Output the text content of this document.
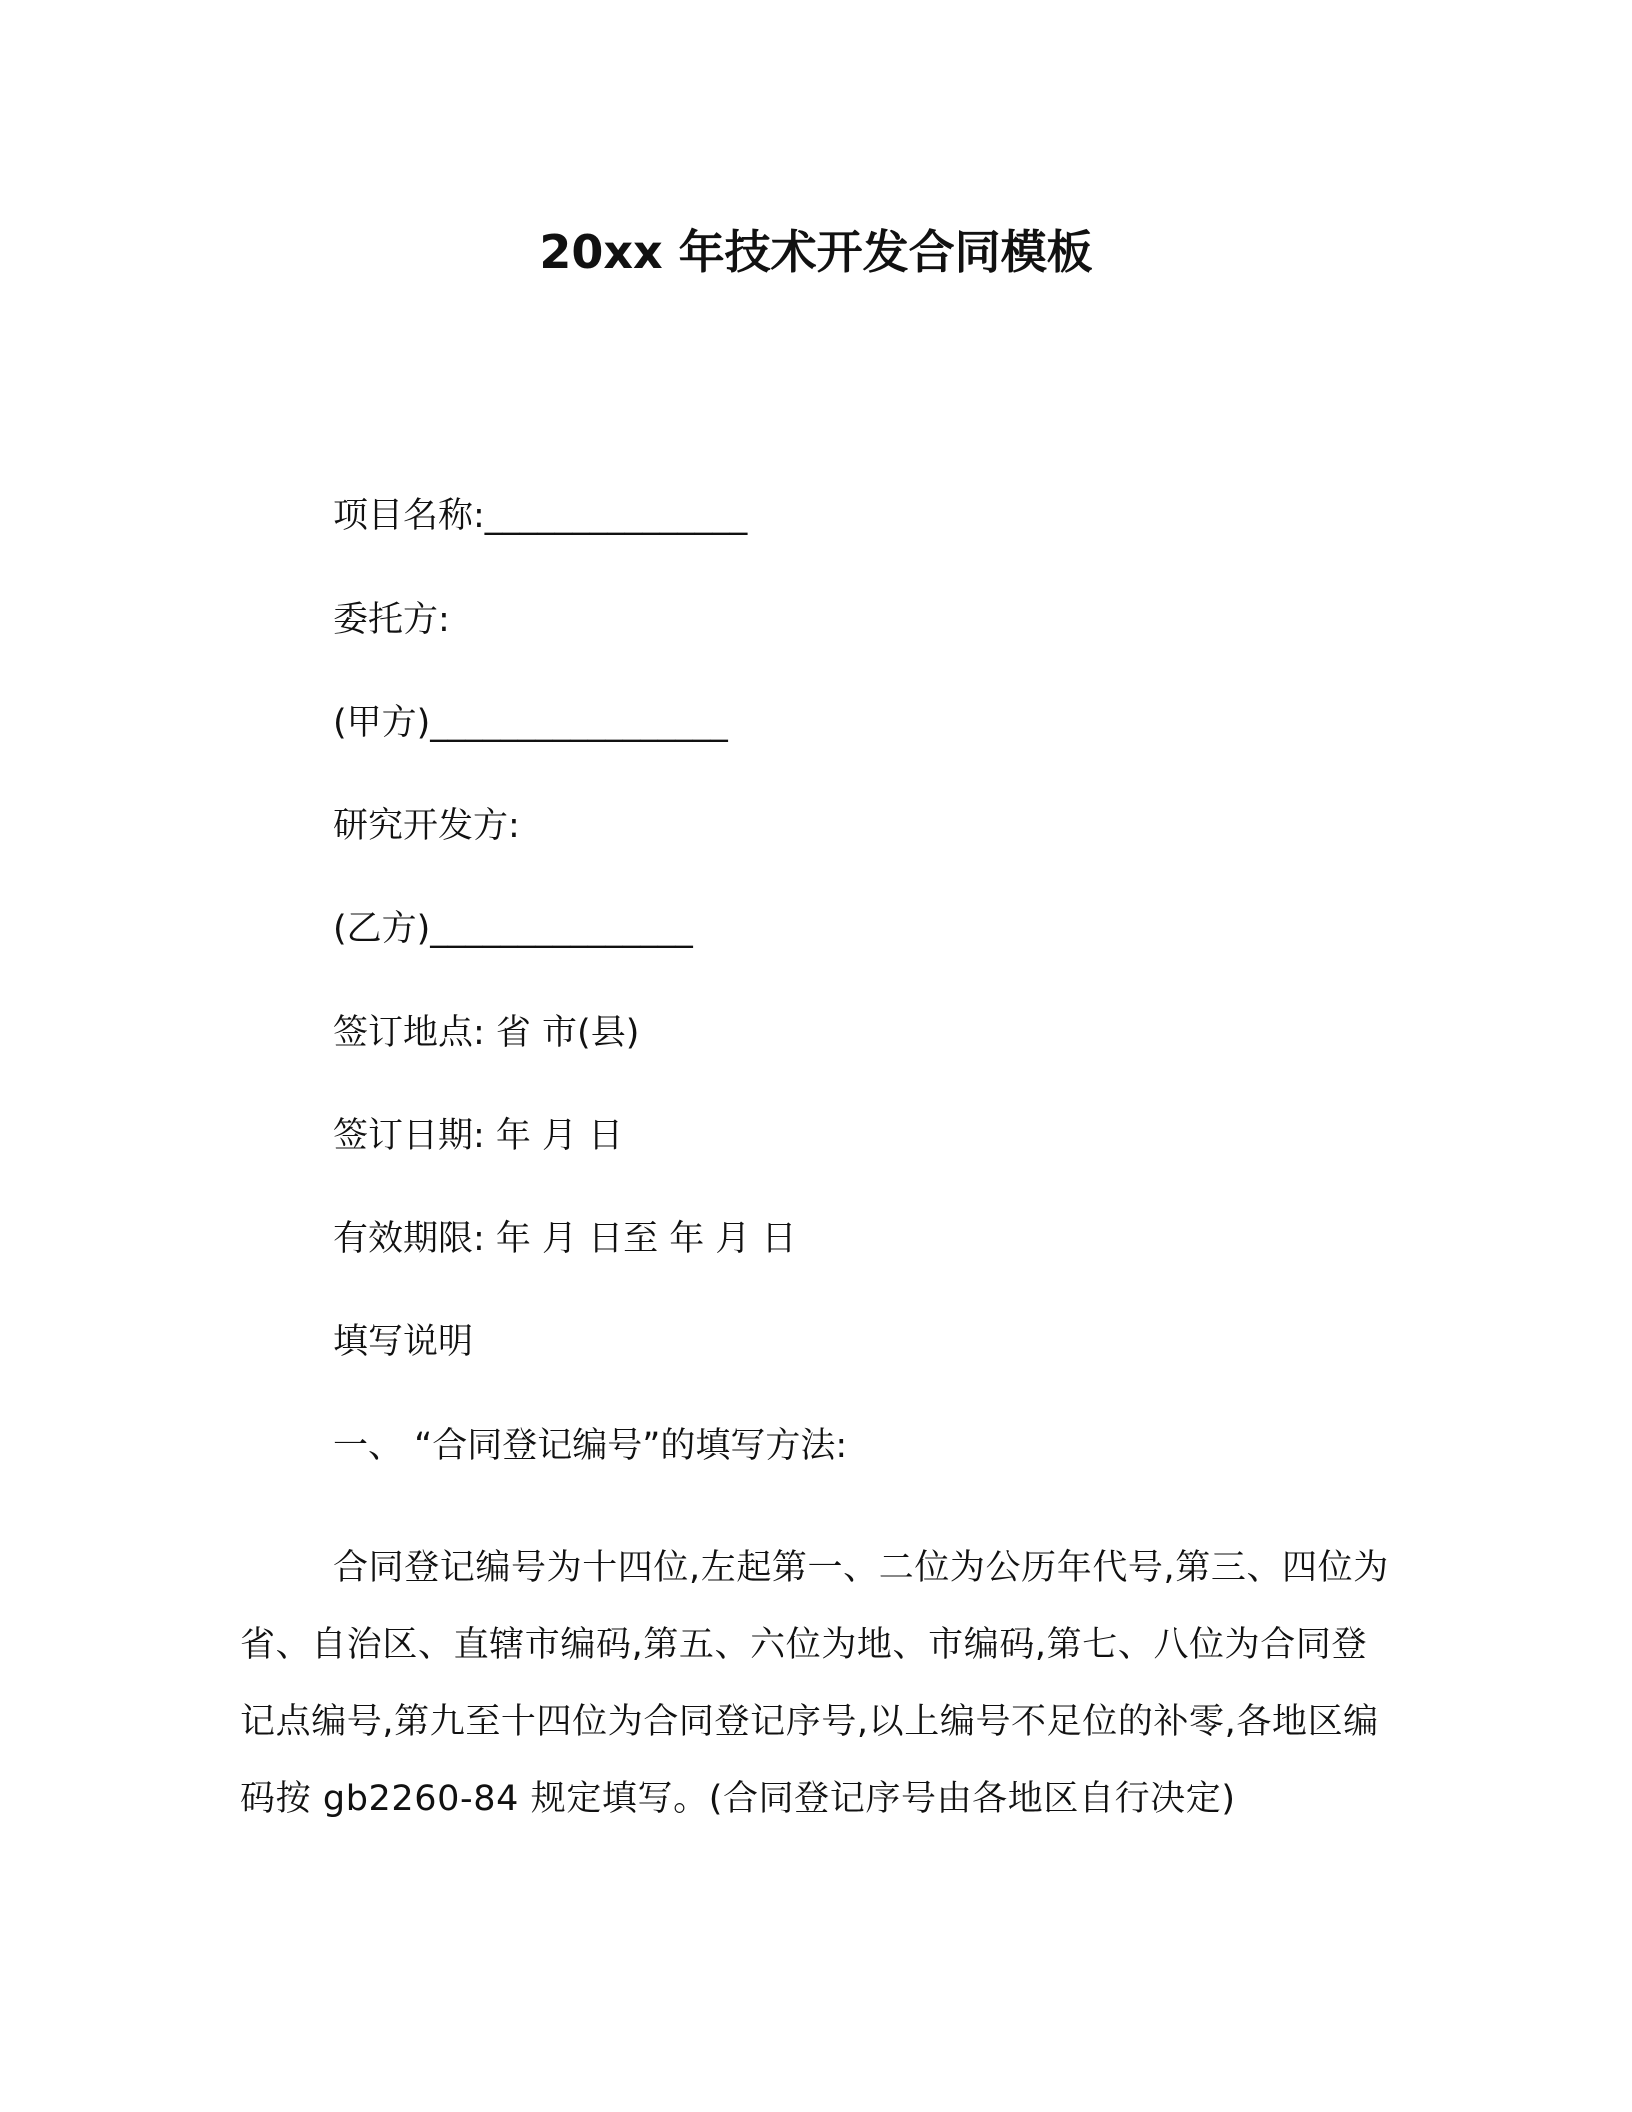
20xx 年技术开发合同模板
项目名称:_______________
委托方:
(甲方)_________________
研究开发方:
(乙方)_______________
签订地点: 省 市(县)
签订日期: 年 月 日
有效期限: 年 月 日至 年 月 日
填写说明
一、 “合同登记编号”的填写方法:
合同登记编号为十四位,左起第一、二位为公历年代号,第三、四位为省、自治区、直辖市编码,第五、六位为地、市编码,第七、八位为合同登记点编号,第九至十四位为合同登记序号,以上编号不足位的补零,各地区编码按 gb2260-84 规定填写。(合同登记序号由各地区自行决定)
